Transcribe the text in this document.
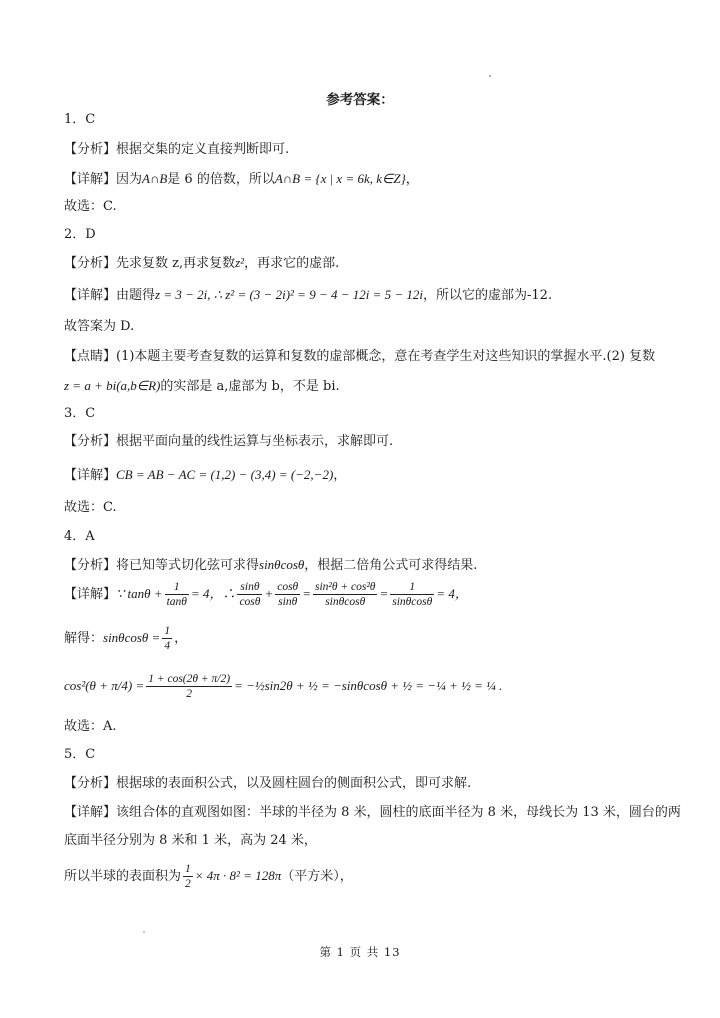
参考答案：
1．C
【分析】根据交集的定义直接判断即可.
【详解】因为A∩B是 6 的倍数，所以A∩B = {x | x = 6k, k∈Z}，
故选：C.
2．D
【分析】先求复数 z,再求复数z²，再求它的虚部.
【详解】由题得z = 3 − 2i, ∴ z² = (3 − 2i)² = 9 − 4 − 12i = 5 − 12i，所以它的虚部为-12.
故答案为 D.
【点睛】(1)本题主要考查复数的运算和复数的虚部概念，意在考查学生对这些知识的掌握水平.(2) 复数
z = a + bi(a,b∈R)的实部是 a,虚部为 b，不是 bi.
3．C
【分析】根据平面向量的线性运算与坐标表示，求解即可.
【详解】CB = AB − AC = (1,2) − (3,4) = (−2,−2)，
故选：C.
4．A
【分析】将已知等式切化弦可求得sinθcosθ，根据二倍角公式可求得结果.
【详解】∵ $\tan\theta + \frac{1}{\tan\theta} = 4$，∴ $\frac{\sin\theta}{\cos\theta} + \frac{\cos\theta}{\sin\theta} = \frac{\text{sin²θ + cos²θ}}{\sin\theta\cos\theta} = \frac{1}{\sin\theta\cos\theta} = 4$，
解得：$\sin\theta\cos\theta = \frac{1}{4}$ ，
$\cos^2(\theta + \pi/4) = \frac{1 + \cos(2\theta + \pi/2)}{2}$ = −½sin2θ + ½ = −sinθcosθ + ½ = −¼ + ½ = ¼ .
故选：A.
5．C
【分析】根据球的表面积公式，以及圆柱圆台的侧面积公式，即可求解.
【详解】该组合体的直观图如图：半球的半径为 8 米，圆柱的底面半径为 8 米，母线长为 13 米，圆台的两
底面半径分别为 8 米和 1 米，高为 24 米，
所以半球的表面积为 $\frac{1}{2} \times 4\pi \cdot 8^2 = 128\pi$（平方米），
第 1 页 共 13
